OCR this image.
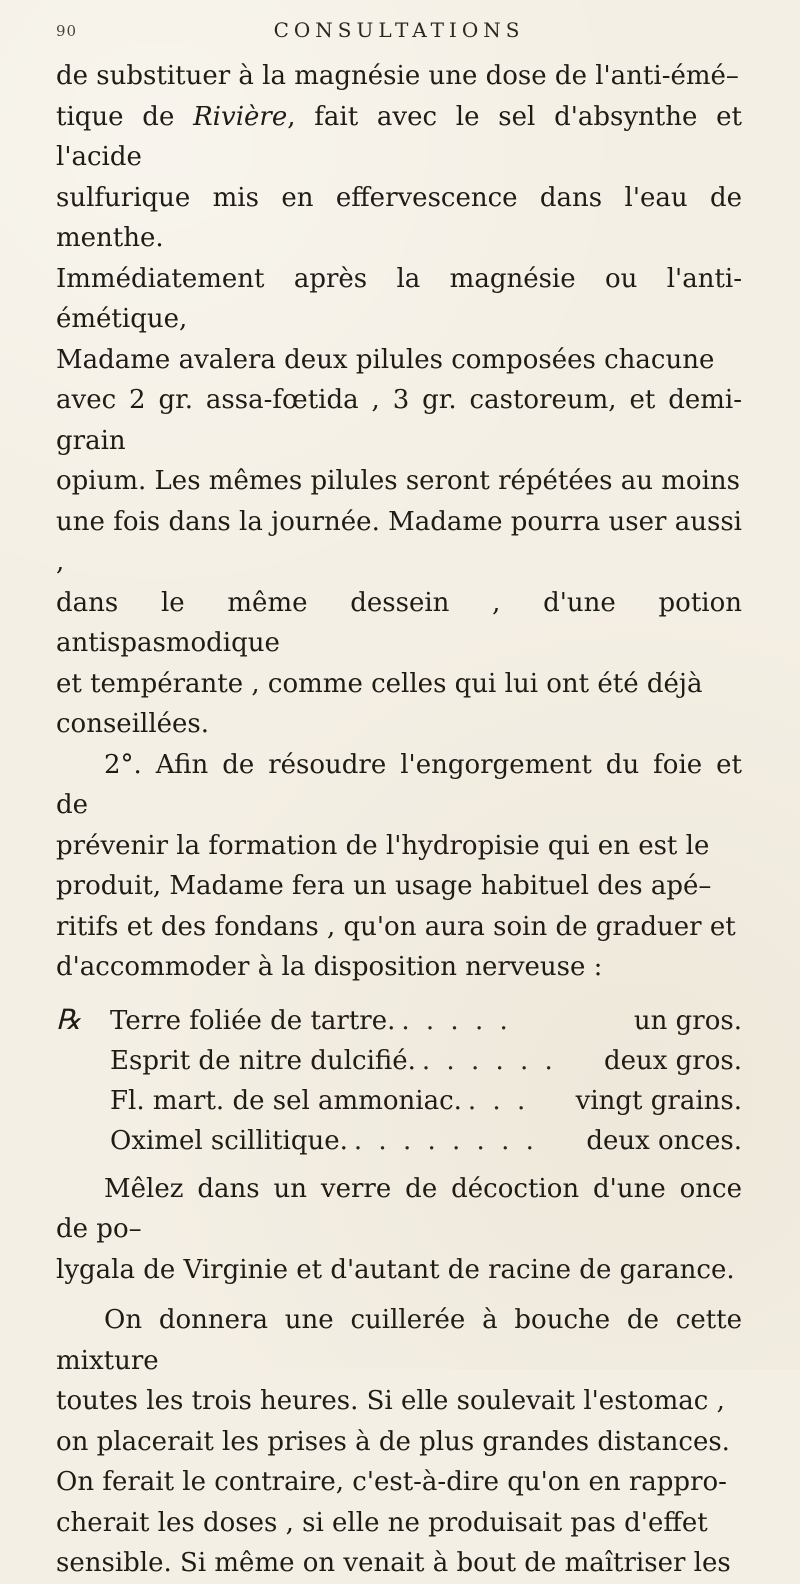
90	CONSULTATIONS
de substituer à la magnésie une dose de l'anti-émé–
tique de Rivière, fait avec le sel d'absynthe et l'acide
sulfurique mis en effervescence dans l'eau de menthe.
Immédiatement après la magnésie ou l'anti-émétique,
Madame avalera deux pilules composées chacune
avec 2 gr. assa-fœtida , 3 gr. castoreum, et demi-grain
opium. Les mêmes pilules seront répétées au moins
une fois dans la journée. Madame pourra user aussi ,
dans le même dessein , d'une potion antispasmodique
et tempérante , comme celles qui lui ont été déjà
conseillées.
2°. Afin de résoudre l'engorgement du foie et de
prévenir la formation de l'hydropisie qui en est le
produit, Madame fera un usage habituel des apé–
ritifs et des fondans , qu'on aura soin de graduer et
d'accommoder à la disposition nerveuse :
℞	Terre foliée de tartre. . . . . .	un gros.
Esprit de nitre dulcifié. . . . . . .	deux gros.
Fl. mart. de sel ammoniac. . . .	vingt grains.
Oximel scillitique. . . . . . . . .	deux onces.
Mêlez dans un verre de décoction d'une once de po–
lygala de Virginie et d'autant de racine de garance.
On donnera une cuillerée à bouche de cette mixture
toutes les trois heures. Si elle soulevait l'estomac ,
on placerait les prises à de plus grandes distances.
On ferait le contraire, c'est-à-dire qu'on en rappro-
cherait les doses , si elle ne produisait pas d'effet
sensible. Si même on venait à bout de maîtriser les
